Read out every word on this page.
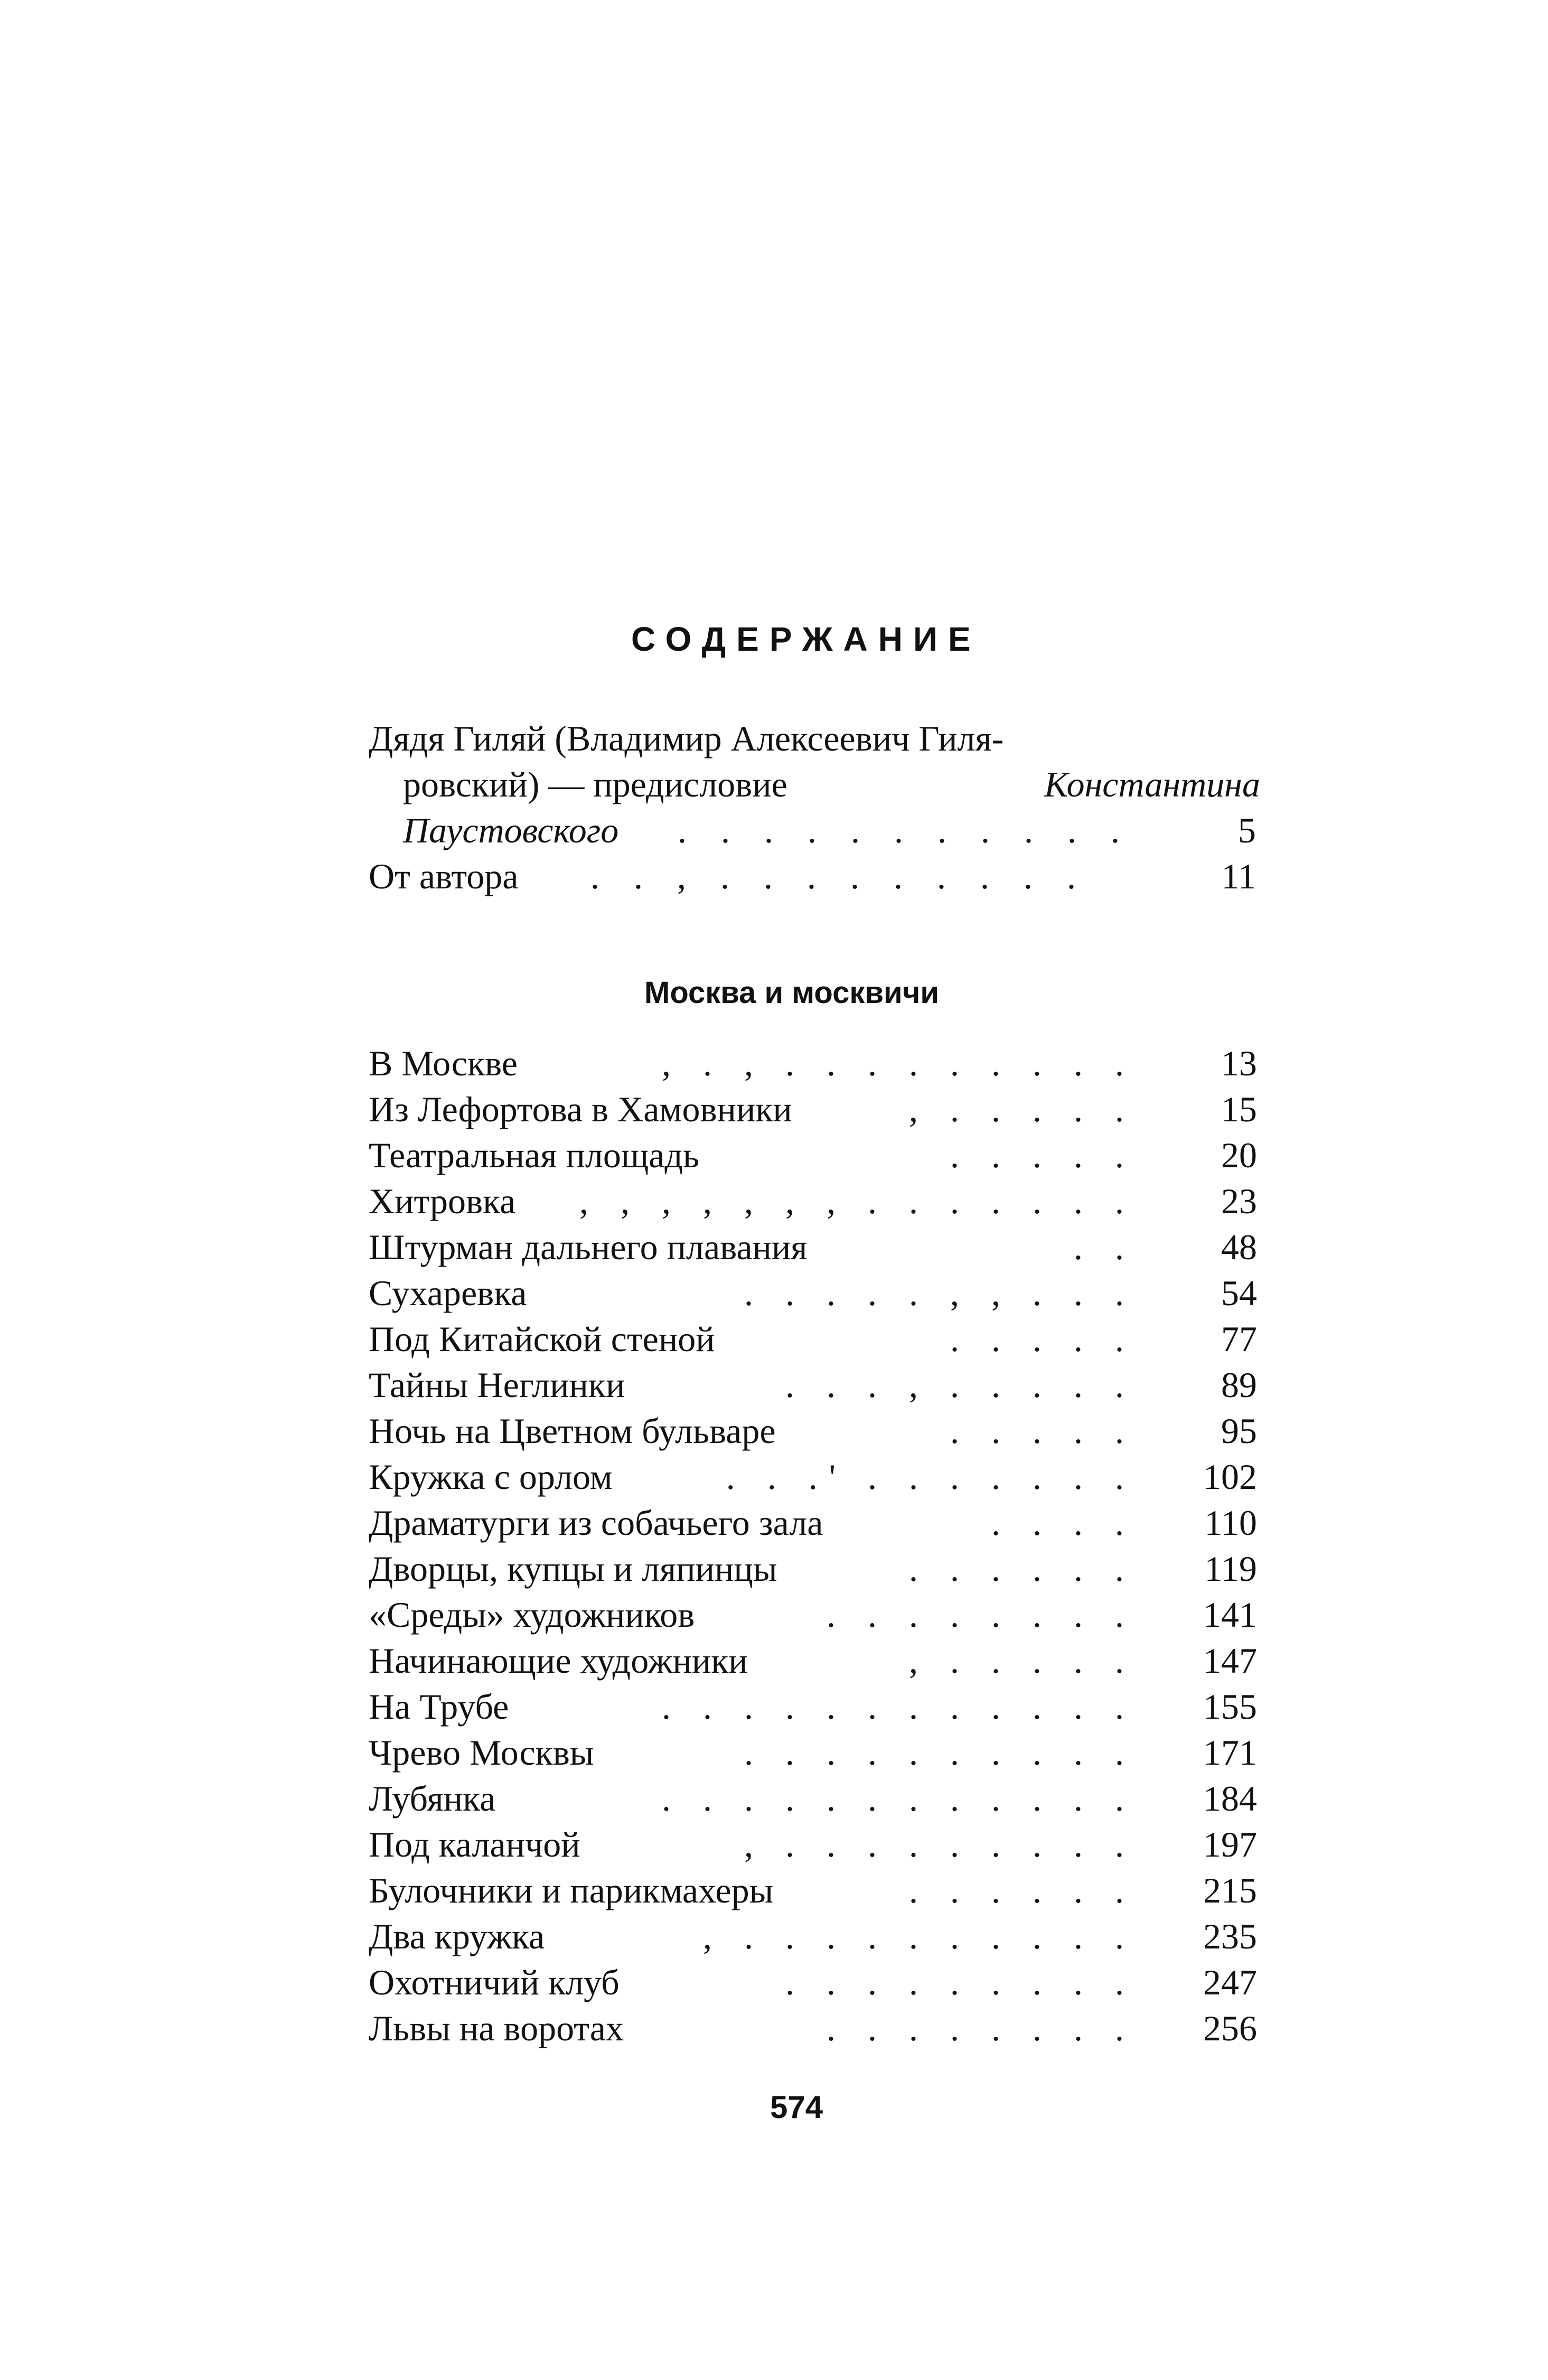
СОДЕРЖАНИЕ
Дядя Гиляй (Владимир Алексеевич Гиля-
ровский) — предисловие	Константина
Паустовского . . . . . . . . . . .	5
От автора . . , . . . . . . . . .	11
Москва и москвичи
В Москве	, . , . . . . . . . . .	13
Из Лефортова в Хамовники	, . . . . .	15
Театральная площадь	. . . . .	20
Хитровка , , , , , , , . . . . . . .	23
Штурман дальнего плавания	. .	48
Сухаревка	. . . . . , , . . .	54
Под Китайской стеной	. . . . .	77
Тайны Неглинки	. . . , . . . . .	89
Ночь на Цветном бульваре	. . . . .	95
Кружка с орлом	. . .' . . . . . . .	102
Драматурги из собачьего зала	. . . .	110
Дворцы, купцы и ляпинцы	. . . . . .	119
«Среды» художников	. . . . . . . .	141
Начинающие художники	, . . . . .	147
На Трубе	. . . . . . . . . . . .	155
Чрево Москвы	. . . . . . . . . .	171
Лубянка	. . . . . . . . . . . .	184
Под каланчой	, . . . . . . . . .	197
Булочники и парикмахеры	. . . . . .	215
Два кружка	, . . . . . . . . . .	235
Охотничий клуб	. . . . . . . . .	247
Львы на воротах	. . . . . . . .	256
574
